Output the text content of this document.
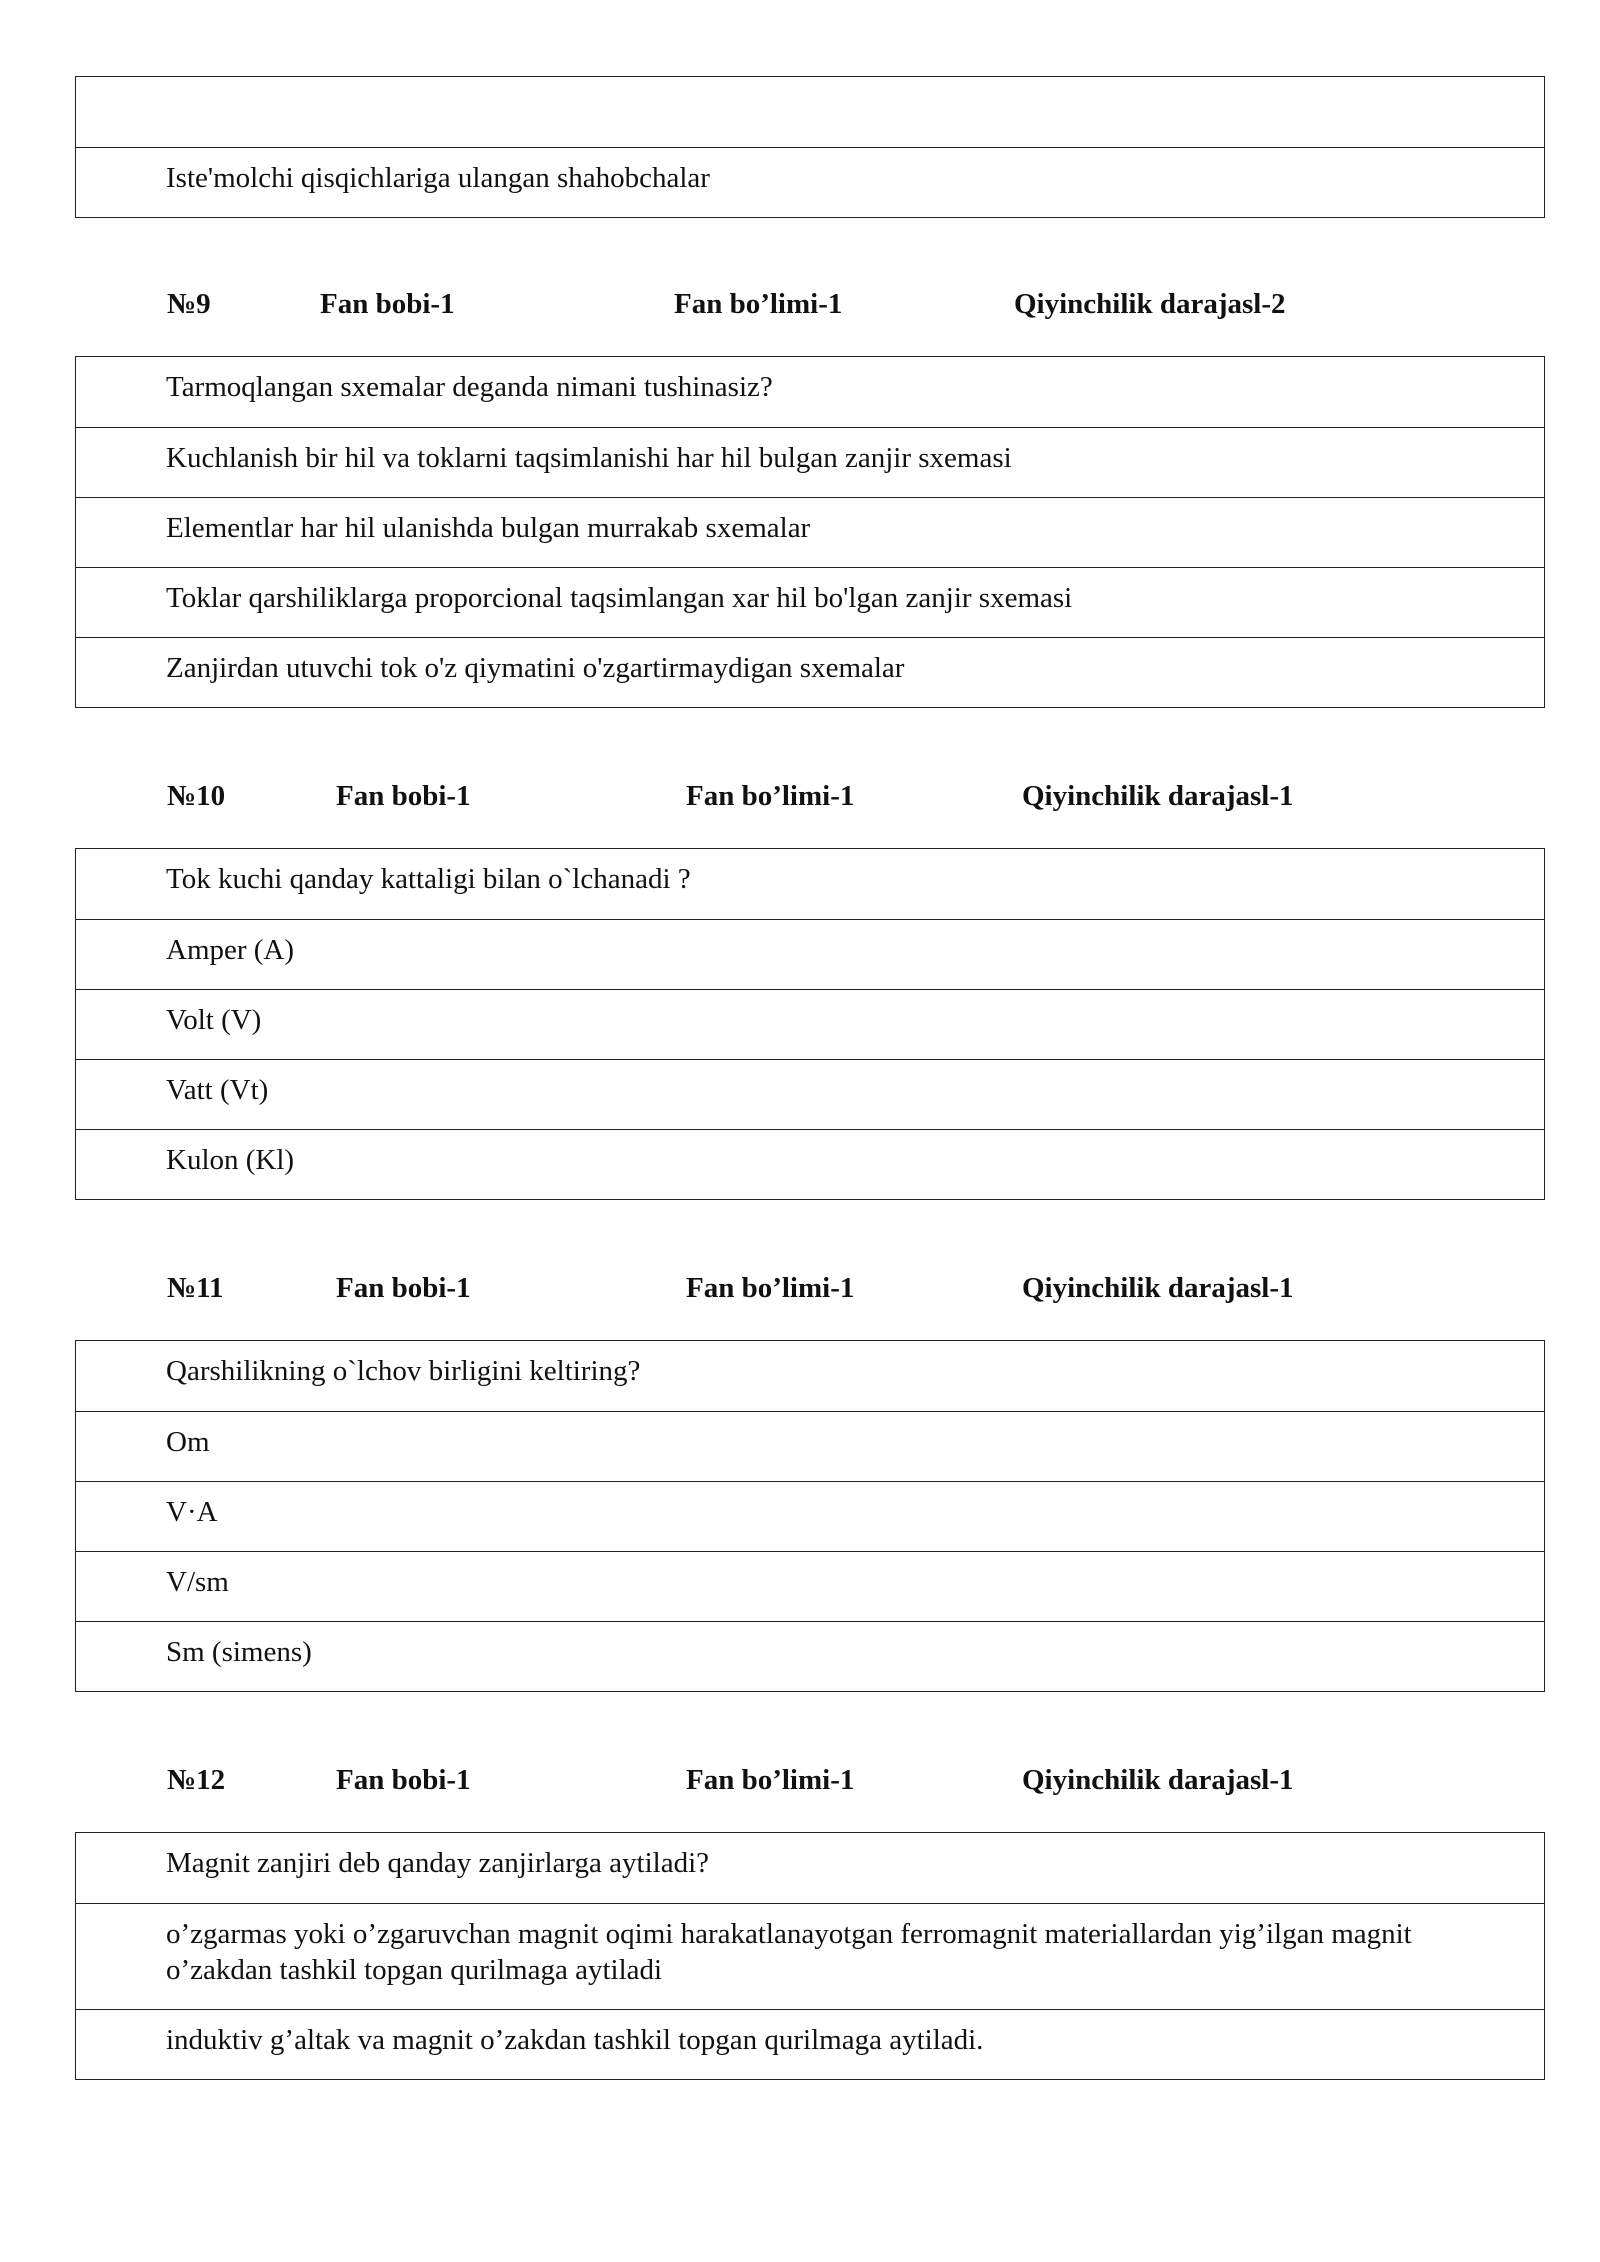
Iste'molchi qisqichlariga ulangan shahobchalar
№9	Fan bobi-1	Fan bo’limi-1	Qiyinchilik darajasl-2
Tarmoqlangan sxemalar deganda nimani tushinasiz?
Kuchlanish bir hil va toklarni taqsimlanishi har hil bulgan zanjir sxemasi
Elementlar har hil ulanishda bulgan murrakab sxemalar
Toklar qarshiliklarga proporcional taqsimlangan xar hil bo'lgan zanjir sxemasi
Zanjirdan utuvchi tok o'z qiymatini o'zgartirmaydigan sxemalar
№10	Fan bobi-1	Fan bo’limi-1	Qiyinchilik darajasl-1
Tok kuchi qanday kattaligi bilan o`lchanadi ?
Amper (A)
Volt (V)
Vatt (Vt)
Kulon (Kl)
№11	Fan bobi-1	Fan bo’limi-1	Qiyinchilik darajasl-1
Qarshilikning o`lchov birligini keltiring?
Om
V·A
V/sm
Sm (simens)
№12	Fan bobi-1	Fan bo’limi-1	Qiyinchilik darajasl-1
Magnit zanjiri deb qanday zanjirlarga aytiladi?
o’zgarmas yoki o’zgaruvchan magnit oqimi harakatlanayotgan ferromagnit materiallardan yig’ilgan magnit o’zakdan tashkil topgan qurilmaga aytiladi
induktiv g’altak va magnit o’zakdan tashkil topgan qurilmaga aytiladi.
